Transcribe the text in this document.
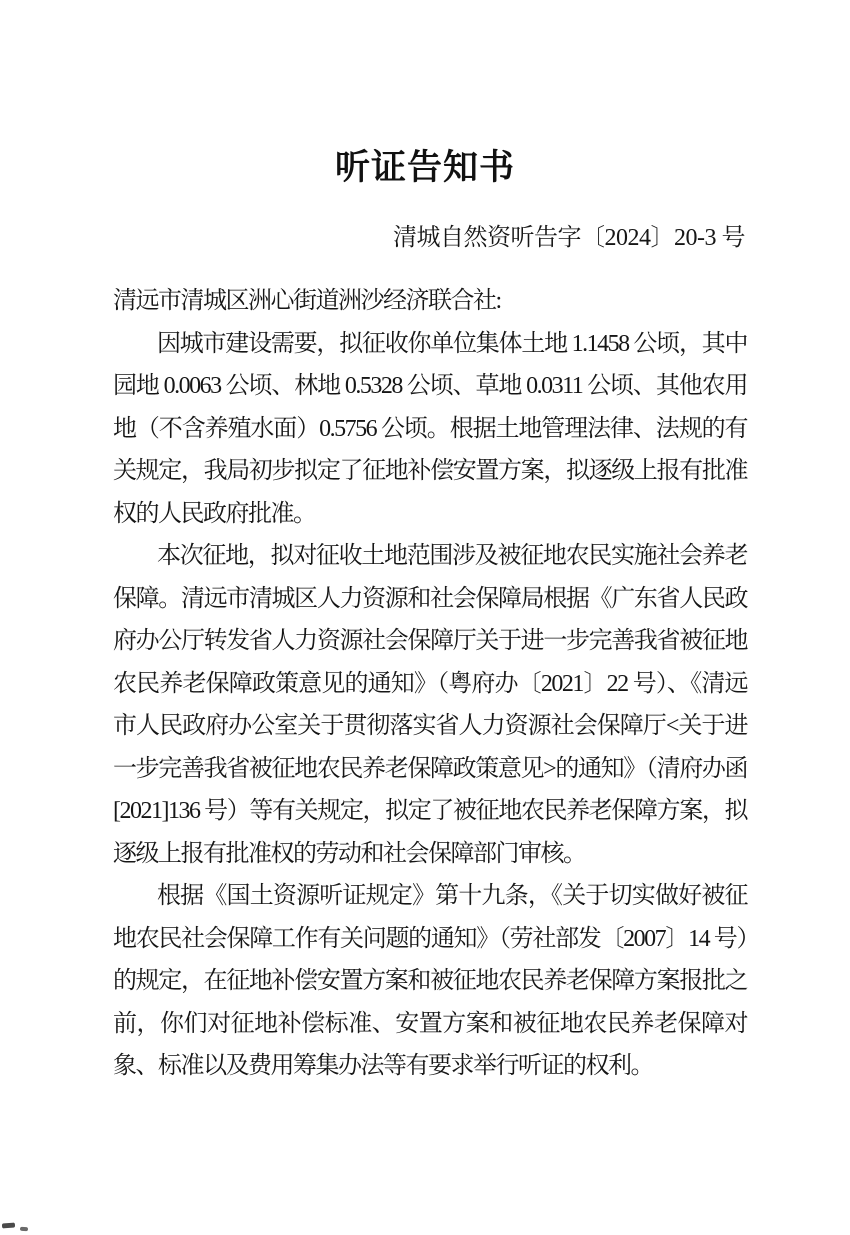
听证告知书
清城自然资听告字〔2024〕20-3 号

清远市清城区洲心街道洲沙经济联合社:

因城市建设需要，拟征收你单位集体土地 1.1458 公顷，其中园地 0.0063 公顷、林地 0.5328 公顷、草地 0.0311 公顷、其他农用地（不含养殖水面）0.5756 公顷。根据土地管理法律、法规的有关规定，我局初步拟定了征地补偿安置方案，拟逐级上报有批准权的人民政府批准。

本次征地，拟对征收土地范围涉及被征地农民实施社会养老保障。清远市清城区人力资源和社会保障局根据《广东省人民政府办公厅转发省人力资源社会保障厅关于进一步完善我省被征地农民养老保障政策意见的通知》（粤府办〔2021〕22 号）、《清远市人民政府办公室关于贯彻落实省人力资源社会保障厅<关于进一步完善我省被征地农民养老保障政策意见>的通知》（清府办函[2021]136 号）等有关规定，拟定了被征地农民养老保障方案，拟逐级上报有批准权的劳动和社会保障部门审核。

根据《国土资源听证规定》第十九条，《关于切实做好被征地农民社会保障工作有关问题的通知》（劳社部发〔2007〕14 号）的规定，在征地补偿安置方案和被征地农民养老保障方案报批之前，你们对征地补偿标准、安置方案和被征地农民养老保障对象、标准以及费用筹集办法等有要求举行听证的权利。
